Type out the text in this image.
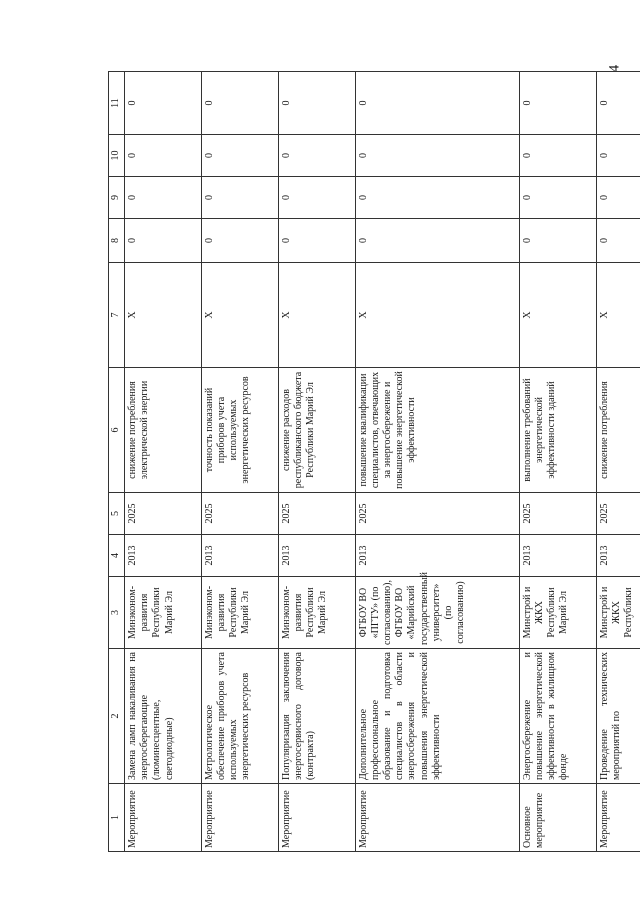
4
1	2	3	4	5	6	7	8	9	10	11
Мероприятие	Замена ламп накаливания на энергосберегающие (люминесцентные, светодиодные)	Минэконом-развития Республики Марий Эл	2013	2025	снижение потребления электрической энергии	X	0	0	0	0
Мероприятие	Метрологическое обеспечение приборов учета используемых энергетических ресурсов	Минэконом-развития Республики Марий Эл	2013	2025	точность показаний приборов учета используемых энергетических ресурсов	X	0	0	0	0
Мероприятие	Популяризация заключения энергосервисного договора (контракта)	Минэконом-развития Республики Марий Эл	2013	2025	снижение расходов республиканского бюджета Республики Марий Эл	X	0	0	0	0
Мероприятие	Дополнительное профессиональное образование и подготовка специалистов в области энергосбережения и повышения энергетической эффективности	ФГБОУ ВО «ПГТУ» (по согласованию), ФГБОУ ВО «Марийский государственный университет» (по согласованию)	2013	2025	повышение квалификации специалистов, отвечающих за энергосбережение и повышение энергетической эффективности	X	0	0	0	0
Основное мероприятие	Энергосбережение и повышение энергетической эффективности в жилищном фонде	Минстрой и ЖКХ Республики Марий Эл	2013	2025	выполнение требований энергетической эффективности зданий	X	0	0	0	0
Мероприятие	Проведение технических мероприятий по	Минстрой и ЖКХ Республики	2013	2025	снижение потребления	X	0	0	0	0
